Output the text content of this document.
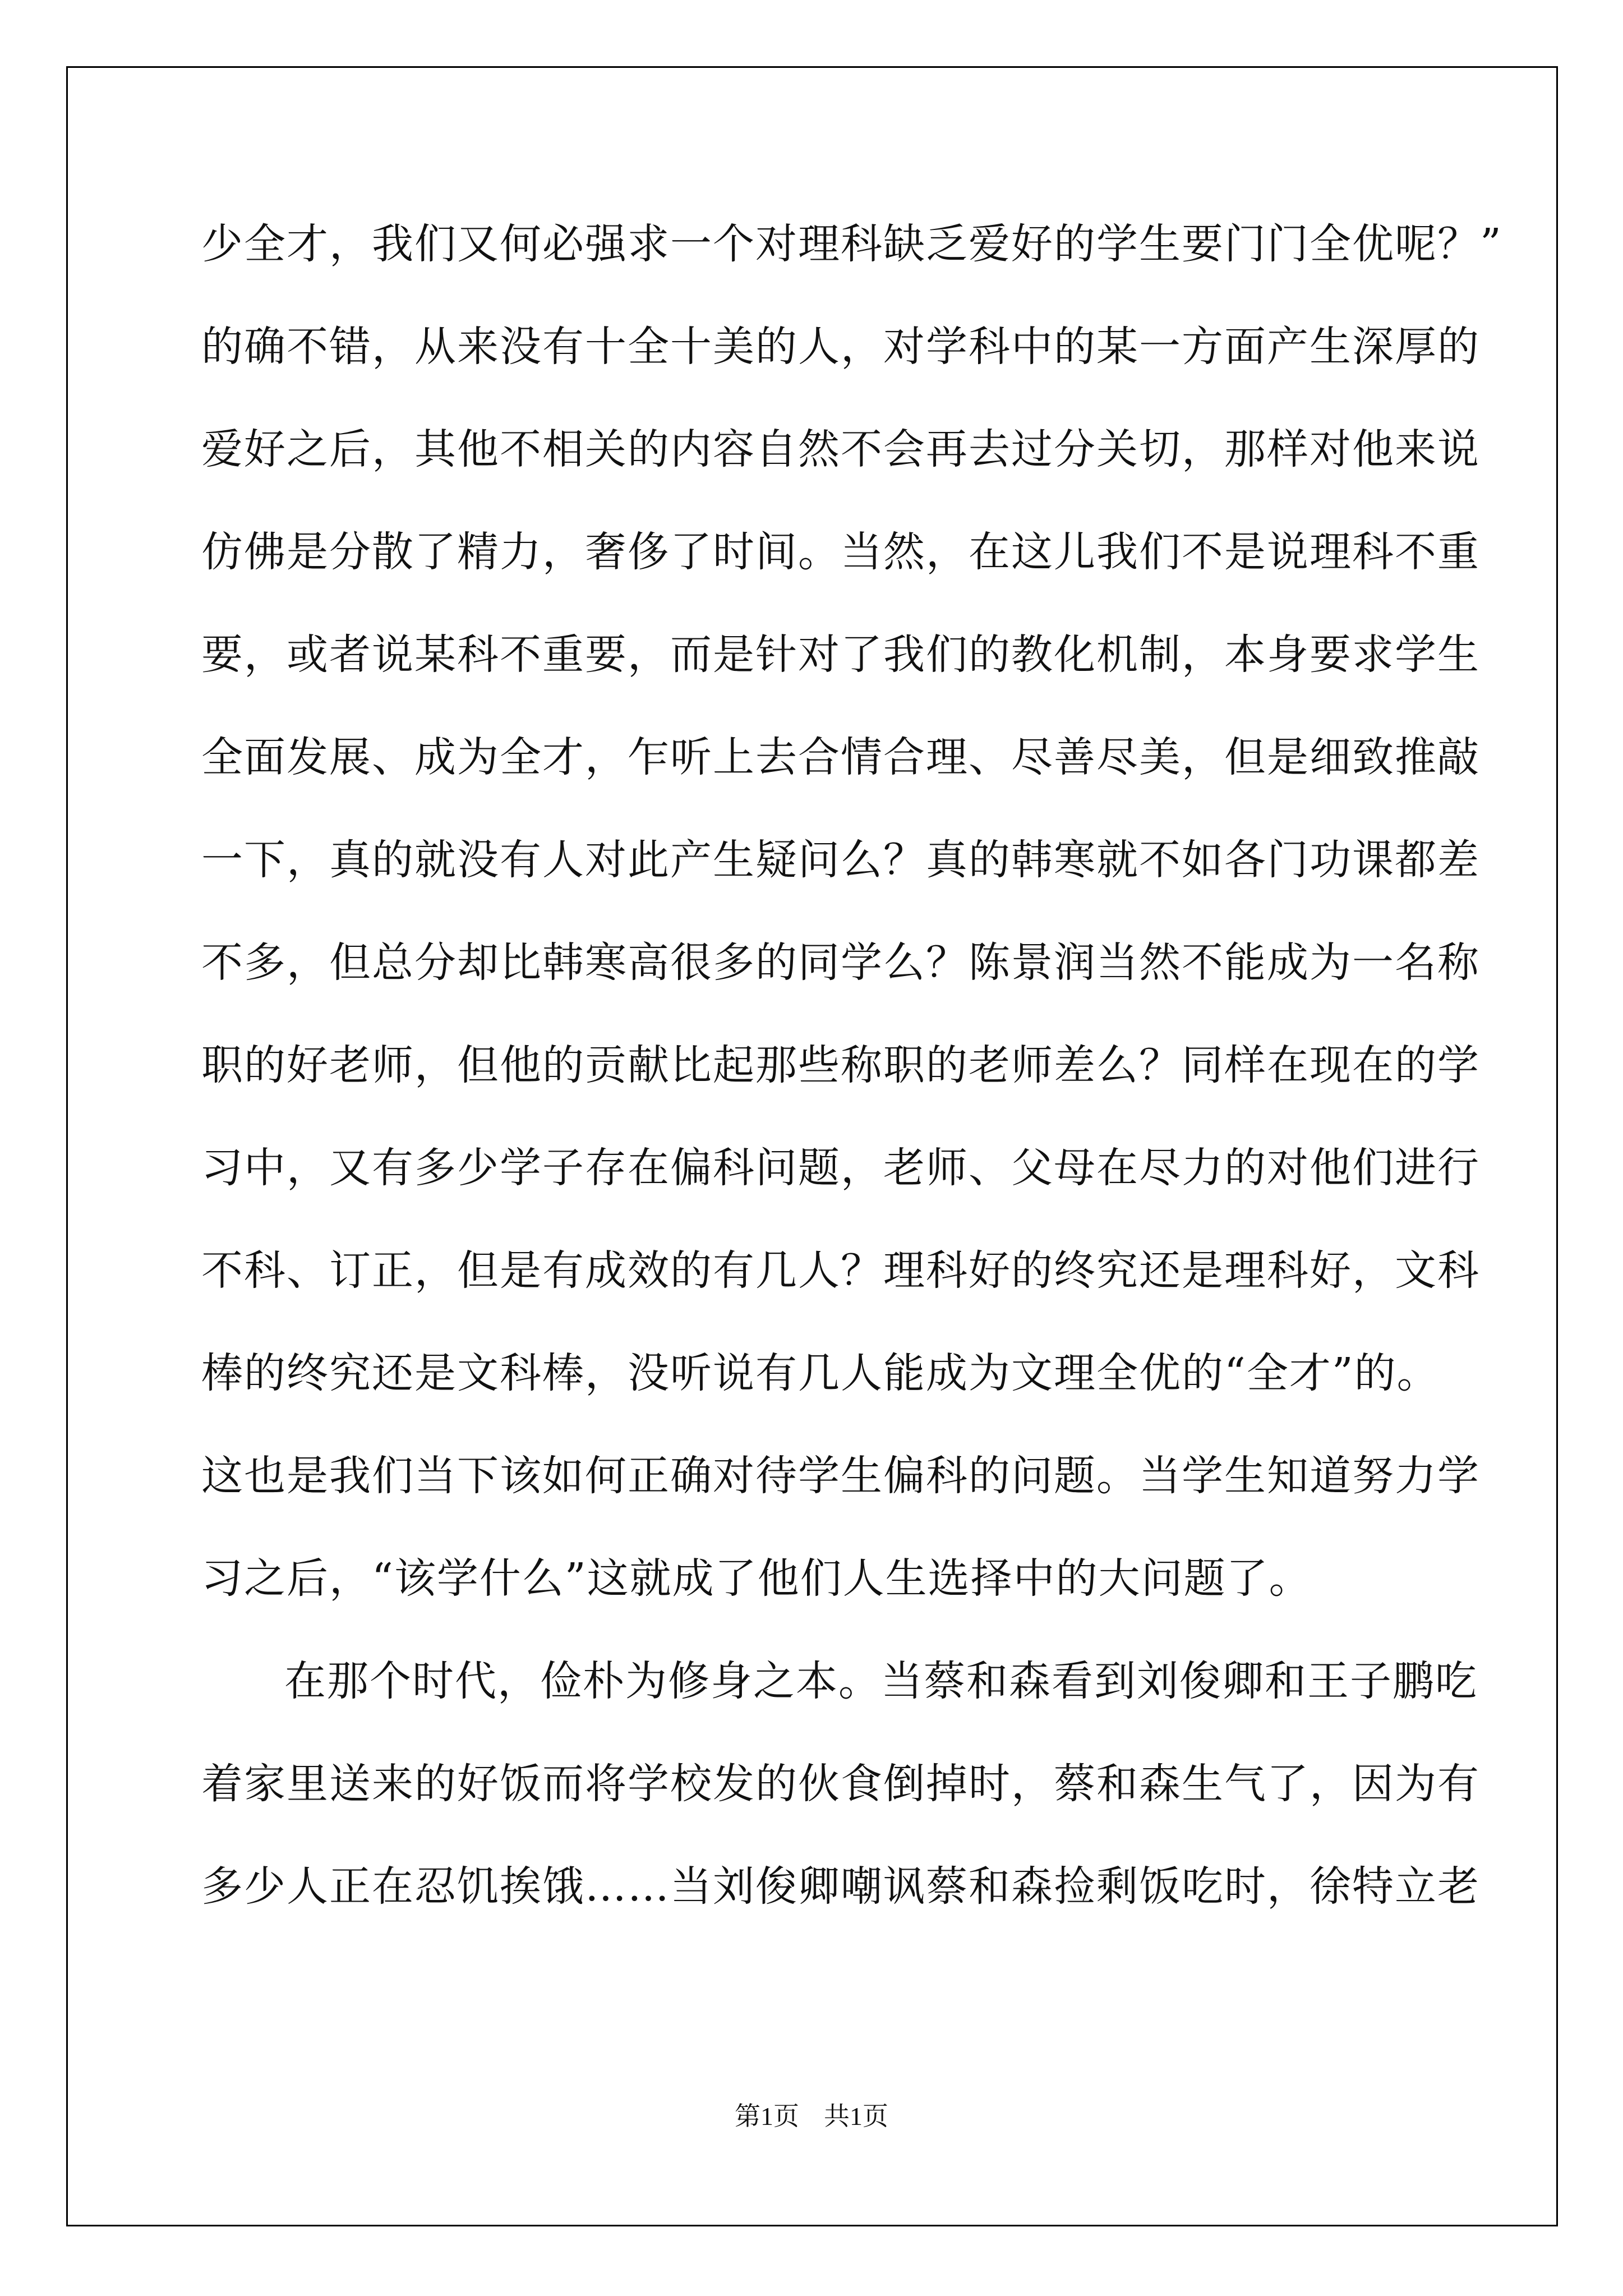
少全才，我们又何必强求一个对理科缺乏爱好的学生要门门全优呢？”
的确不错，从来没有十全十美的人，对学科中的某一方面产生深厚的
爱好之后，其他不相关的内容自然不会再去过分关切，那样对他来说
仿佛是分散了精力，奢侈了时间。当然，在这儿我们不是说理科不重
要，或者说某科不重要，而是针对了我们的教化机制，本身要求学生
全面发展、成为全才，乍听上去合情合理、尽善尽美，但是细致推敲
一下，真的就没有人对此产生疑问么？真的韩寒就不如各门功课都差
不多，但总分却比韩寒高很多的同学么？陈景润当然不能成为一名称
职的好老师，但他的贡献比起那些称职的老师差么？同样在现在的学
习中，又有多少学子存在偏科问题，老师、父母在尽力的对他们进行
不科、订正，但是有成效的有几人？理科好的终究还是理科好，文科
棒的终究还是文科棒，没听说有几人能成为文理全优的“全才”的。
这也是我们当下该如何正确对待学生偏科的问题。当学生知道努力学
习之后，“该学什么”这就成了他们人生选择中的大问题了。
在那个时代，俭朴为修身之本。当蔡和森看到刘俊卿和王子鹏吃
着家里送来的好饭而将学校发的伙食倒掉时，蔡和森生气了，因为有
多少人正在忍饥挨饿……当刘俊卿嘲讽蔡和森捡剩饭吃时，徐特立老
第1页 共1页
